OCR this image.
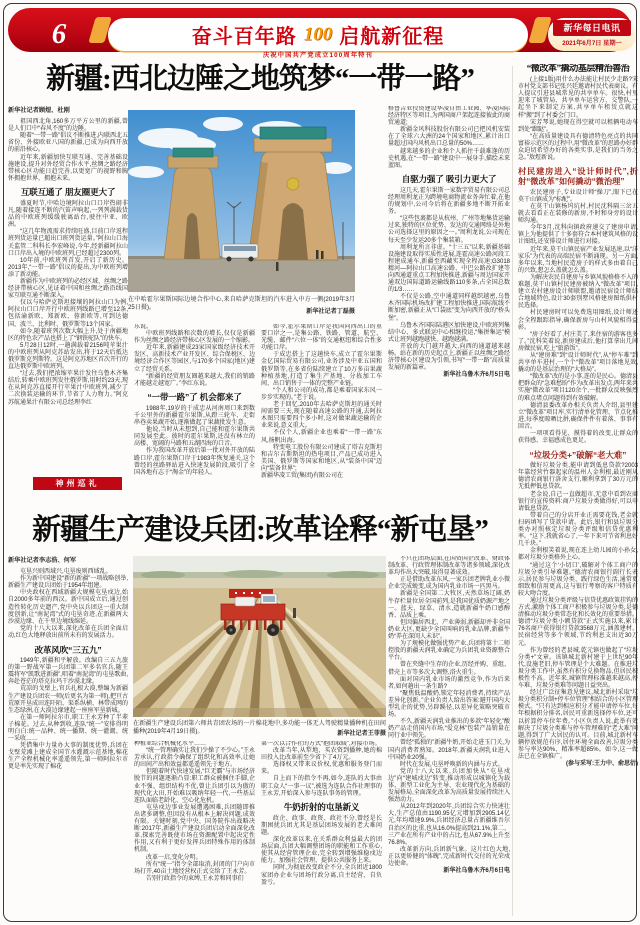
6	奋斗百年路 100 启航新征程
庆祝中国共产党成立100周年特刊
新华每日电讯
2021年6月7日 星期一
新疆:西北边陲之地筑梦“一带一路”
新华社记者顾煜、杜刚
祖国西北角,160多万平方公里的新疆,曾是人们口中“春风不度”的边陲。
随着“一带一路”倡议不断推进,内联西北五省份、外接欧亚八国的新疆,已成为向西开放的前沿核心。
近年来,新疆加快互联互通、完善基础设施建设,提升对外经贸合作水平,丝绸之路经济带核心区功能日趋完善,以更宽广的视野和胸怀拥抱世界、拥抱未来。
互联互通了 朋友圈更大了
盛夏时节,中哈边境阿拉山口口岸热闹非凡,随着接连不断的汽笛声响起,一列列满载货品的中欧班列缓缓驶离站台,驶往中亚、欧洲。
“这几年物流需求持续旺盛,目前口岸返程班列货运量已超出口班列货运量。”阿拉山口海关监管二科科长李宏峰说,今年,经新疆阿拉山口口岸出入境的中欧班列,已经超过2300列。
10年前,中欧班列首发,开启了新历史。2013年,“一带一路”倡议的提出,为中欧班列增添了新动能。
新疆作为中欧班列的必经区域、丝绸之路经济带核心区,见证着中国和丝绸之路沿线国家互联互通不断深入。
仅以与哈萨克斯坦接壤的阿拉山口为例,阿拉山口口岸开行中欧班列线路已增至12条,包括渝新欧、郑新欧、蓉新欧等,可到达德国、波兰、比利时、俄罗斯等13个国家。
如今,随着班列次数大幅上升,处于南疆地区的特色农产品也搭上了“钢铁驼队”的快车。
5月28日12时,一趟满载着2156吨苹果汁的中欧班列从阿克苏站发出,将于12天后抵达俄罗斯克列斯特。这是阿克苏地区首次开行的直达俄罗斯中欧班列。
“过去,我们把浓缩苹果汁发往乌鲁木齐集结后,转乘中欧班列发往俄罗斯,用时约23天,现在从阿克苏直接开行苹果汁中欧班列,减少了二次换装运输的环节,节省了人力物力。”阿克苏航通果汁有限公司总经理李红
东说。
中欧班列线路和次数的增长,仅仅是新疆作为丝绸之路经济带核心区发展的一个缩影。
近年来,新疆建成23家国家级经济技术开发区、高新技术产业开发区、综合保税区、边境经济合作区等园区,与170多个国家(地区)建立了经贸关系。
“新疆的经贸朋友圈越来越大,我们的销路才能越走越宽广。”李红东说。
“一带一路”了 机会都来了
1988年,19岁的于成忠从河南周口来到数千公里外的新疆霍尔果斯,从蹬三轮车、走街串巷卖果蔬开始,逐渐做起了果蔬批发生意。
他说,当时从未想到,自己能和霍尔果斯共同发展至此。彼时的霍尔果斯,还没有林立的高楼、宽阔的马路和五湖四海的口音。
作为我国改革开放后第一批对外开放的陆路口岸,霍尔果斯口岸于1983年恢复通关,这个曾经的丝路驿站进入快速发展阶段,吸引了全国各地有志于“淘金”的年轻人。
如今,霍尔果斯口岸是我国向西出口的重要口岸之一,是集公路、铁路、管道、航空、光缆、邮件“六位一体”的交通枢纽和综合性多功能口岸。
于成忠搭上了这趟快车,成立了霍尔果斯金亿国际贸易有限公司,业务涉及中亚五国和俄罗斯等,在多省份陆续建立了10万多亩果蔬种植基地,打造了集生产基地、分拣加工车间、出口销售于一体的完整产业链。
“个人和公司的成功,都是乘着国家东风一步步实现的。”老于说。
老于回忆,2010年去哈萨克斯坦的通关时间需要三天,现在随着高速公路的开通,去阿拉木图只需要四个多小时,这对做果蔬运输的企业来说,意义重大。
不仅个人,新疆企业也乘着“一带一路”东风,扬帆出海。
特变电工股份有限公司建成了塔吉克斯坦和吉尔吉斯斯坦的热电项目,产品已成功进入美国、俄罗斯等国家和地区,从“装备中国”迈向“装备世界”;
新疆华凌工贸(集团)有限公司在
格鲁吉亚投资建设华凌自由工业园、华凌国际经济特区等项目,为两国商户架起连接彼此的商贸通道;
新疆金风科技股份有限公司已把风机安装在了全球六大洲的24个国家和地区,累计出口量超过国内风机出口总量的50%……
越来越多的企业和个人抓住千载难逢的历史机遇,在“一带一路”建设中一展身手,描绘未来蓝图。
自驱力强了 吸引力更大了
这几天,霍尔果斯一家数字贸易有限公司总经理周利龙正为跨境电商物流业务奔忙着,在他的规划中,公司今后将在新疆多地不断开拓业务。
“这些包裹都是从杭州、广州等地集货运输过来,独特的区位优势、发达的交通网络是外地公司选择这里的原因之一。”周利龙说,公司现在每天至少发运20多个集装箱。
周利龙所言非虚。“十三五”以来,新疆基础设施建设取得实质性进展,连霍高速公路河段工程建成通车,新疆至西藏实现全程高速;G3018精河—阿拉山口高速公路、中巴公路改扩建等向西通道重点工程加快推进,新疆与周边国家开通双边国际道路运输线路110多条,占全国总数的1/3……
不仅是公路,空中通道同样越织越密,乌鲁木齐国际机场改扩建工程加快推进,国际航线不断加密,新疆正从“口袋底”变为向西开放的“桥头堡”。
乌鲁木齐国际陆港区加快建设,中欧班列集结中心、多式联运中心相继投运,“集拼集运”模式让班列越跑越快、越跑越满。
开放的大门越开越大,向西的通道越来越畅。站在新的历史起点上,新疆正以丝绸之路经济带核心区建设为引领,书写“一带一路”高质量发展的新篇章。
新华社乌鲁木齐6月5日电
在中哈霍尔果斯国际边境合作中心,来自哈萨克斯坦的汽车进入中方一侧(2019年3月25日摄)。
新华社记者丁磊摄
神州巡礼
新疆生产建设兵团:改革诠释“新屯垦”
新华社记者李志浩、何军
屯垦兴则西域兴,屯垦废则西域乱。
作为新中国建设“新的新疆”一项战略创举,新疆生产建设兵团始于1954年组建。
中央政权在西域新疆大规模屯垦戍边,始自2000多年前的西汉。新中国成立后,通过创造性转化历史遗产,党中央以兵团这一重大制度创新,让“南泥湾”式的屯垦奇迹,在新疆两大沙漠边缘、在千里边境线绵延。
党的十八大以来,深化改革在兵团全面启动,红色大地释放出前所未有的发展活力。
改革风吹“三五九”
1949年,新疆和平解放。改编自三五九旅的第一野战军第一兵团第二军多名官兵,随王震将军“凯歌进新疆”,唱着“南泥湾”的屯垦歌曲,奔赴苍茫的塔克拉玛干沙漠北缘。
荒凉的戈壁上,官兵扎根大漠,整编为新疆生产建设兵团农一师(后更名为第一师),把亘古荒原开垦成田连阡陌、渠系纵横、林带成网的生态绿洲,在大漠边缘建起一座座军垦新城。
在第一师阿拉尔市,职工王永芳种了半辈子棉花。过去,从种到收,连队“统一”安排得明明白白:统一品种、统一播期、统一灌溉、统一采收……
凭借集中力量办大事的制度优势,兵团在戈壁荒滩上建成全国节水灌溉示范基地,棉花生产全程机械化率遥遥领先,第一师阿拉尔市更是率先实现了棉花
种植业综合机械化水平……
“统一管理确实让我们少操了不少心。”王永芳承认,行政指令确保了组织化和高效率,让她的田间产出和效益都遥遥领先于地方。
但随着时代快速发展,“巨无霸”与市场经济脱节的问题逐渐凸显:职工群众被捆住手脚,企业不强、组织结构不优,曾让兵团引以为傲的现代化大田,开始难以吸纳年轻一代,一些基层连队面临老龄化、空心化危机。
屯垦戍边事业发展遭遇困难,兵团随即推出诸多调整,但因没有从根本上解决问题,成效有限。关键时刻,党中央、国务院作出战略决断:2017年,新疆生产建设兵团启动全面深化改革,探索完善既使市场在资源配置中起决定性作用,又有利于更好发挥兵团特殊作用的体制机制。
改革一启,变化分明。
所有“统一”指令全部取消,封闭的门户向市场打开,40亩土地经营权正式交给了王永芳。
告别行政指令的束缚,王永芳和同事们
第一次以合作社的方式“抱团取暖”,对接市场。
改革当年,从犁地、买农资到播种,她的棉田投入比改革前至少省下了4万元。
选择权又带来议价权,优惠和服务登门而来。
自上而下的指令不再,如今,连队的大事由职工众人“一事一议”,被选为连队合作社理事的王永芳,开始深入参与连队事务的管理。
牛奶折射的屯垦新义
政企、政事、政资、政社不分,曾经是长期困扰兵团尤其是基层团场发展的老大难问题。
深化改革以来,在关系群众利益最大的团场层面,兵团大幅调整团场的职能和工作重心,使其从经营管理企业,完全转到增强维稳戍边能力、加强社会管理、提供公共服务上来。
同时,为彻底改变政企不分,全兵团近1800家团办企业与团场行政分离,自主经营、自负盈亏。
不只在团场层面,在国资国企改革、财政体制改革、行政管理体制改革等诸多领域,深化改革均作出大突破,取得显著成效。
正是借助改革东风,一家兵团老牌乳业小微企业完成蜕变,成为国内乳业市场一匹黑马。
新疆是全国第二大牧区,天然草场辽阔,奶牛存栏量位居全国前列,是我国优质奶源产地之一。蓝天、绿草、清水,造就新疆牛奶口感醇香、品质上乘。
但因偏居西北、产业薄弱,新疆却并非全国奶业大区,更缺少全国叫响的乳业品牌,新疆牛奶“养在深闺人未识”。
为了规模化做强优势产业,兵团将第十二师控股的新疆天润乳业确定为兵团乳业资源整合平台。
曾在夹缝中生存的企业,历经并购、重组、借壳上市等多次大调整,浴火重生。
面对国内乳业市场的激烈竞争,作为后来者,如何趟出一条生路?
“聚焦低温酸奶,锁定年轻消费者,持续产品差异化创新。”企业负责人给出答案:避开国内大型乳企的优势,另辟蹊径,以差异化策略突破市场。
不久,新疆天润乳业推出的多款“年轻化”酸奶产品走俏国内市场,“爱克林”包装产品销量在同行业中领先。
曾经“孤独的”新疆牛奶,开始走进玉门关,为国内消费者熟知。2018年,新疆天润乳业进入中国奶业20强。
时代在发展,屯垦呼唤新的内涵与方式。
党的十八大以来,兵团加快从“屯垦戍边”向“建城戍边”转变,推动形成以城镇化为载体、新型工业化为主导、农业现代化为基础的发展格局,全面深化改革为高质量发展持续注入强劲动力。
从2012年到2020年,兵团综合实力快速壮大,生产总值由1190.95亿元增加到2905.14亿元,年均增速9.9%,兵团经济总量占新疆维吾尔自治区的比重,也从16.0%提高到21.1%,第二、三产业在所有产业中的占比,也从67.9%上升至76.8%。
改革新方向,兵团新气象。这片红色大地,正以更矫健的“体魄”,完成新时代交付的光荣戍边使命。
新华社乌鲁木齐6月6日电
在新疆生产建设兵团第六师共青团农场的一片棉花地中,多功能一体无人驾驶精量播种机在田间播种(2019年4月19日摄)。	新华社记者王菲摄
“微改革”撬动基层精治善治
(上接1版)用什么办法能让村民少走路?宋市村党支部书记张兴廷邀请村民代表商议。有人提议引进县城常见的共享单车。很快,村里迎来了城管局、共享单车运营方、交警队,一起坐下来制定方案,共享单车租赁点就这样“搬”到了村委会门口。
宋芳琴说,她现在得空就可以租辆电动车到处“蹓跶”。
“在高质量建设具有德清特色亮点的共同富裕示范区的过程中,用“微改革”的思路办好群众迫切希望办好的各类实事,是我们的当务之急。”敖煜新说。
村民建房进入“设计师时代”,折射“微改革”如何撬动“微治理”
农民建房子,专业设计师“操刀”,眼下已在莫干山镇成为“标配”。
在莫干山镇杨坞坑村,村民沈科隔三岔五就去看看正在装修的新房,不时和身旁的设计师沟通。
今年3月,沈科向镇政府递交了建房申请,镇上为他提供了十多套符合本村建筑风格的设计图纸,还安排设计师进行对接。
近年来,莫干山镇民宿产业发展迅速,以“洋家乐”为代表的高端民宿不断涌现。另一方面,多年以来,当地村民造房子的样式多由着自己的兴致,想怎么盖就怎么盖。
为解决农民自建房与乡镇风貌格格不入的难题,莫干山镇村民建房被纳入“微改革”项目,建立农村建房设计师联盟,邀请民宿设计师结合地域特色,设计30套别墅风格建房图纸供村民选择。
村民建房时可以免费选用图纸,设计师还会全程跟踪指导,确保新房与山村风貌相得益彰。
“房子好看了,村庄美了,来住宿的游客也多了。”沈科笑着说,新房建成后,他打算拿出几间房做民宿,吃上“旅游饭”。
从“建房难”到“设计师时代”,从“停车难”到共享单车进村,一个个“微改革”项目落地见效,撬动的是基层治理的“大格局”。
“微改革”改的是小事,连的是民心。德清县把群众的“急难愁盼”作为改革出发点,两年来共实施“微改革”项目120余个,一批群众反映强烈的难点堵点问题得到有效破解。
德清县委改革办相关负责人介绍,县里建立“微改革”项目库,实行清单化管理、节点化推进,每季度晾晒比拼,确保件件有着落、事事有回音。
一项项看得见、摸得着的改变,让群众的获得感、幸福感成色更足。
“垃圾分类+”破解“老大难”
做好垃圾分类,能申请到低息贷款?2003年靠经营竹器起家的温州人金利根,最近刚从德清农商银行洛舍支行,顺利拿到了30万元的无抵押低息贷款。
老金说,自己一直做超市,无意中看到农商银行的宣传资料:商户垃圾分类做得好,可以申请低息贷款。
带着自己的分店开业正需要花钱,老金就扫码填写了贷款申请。此后,银行和县垃圾分类办对照核定垃圾分类评级和信贷优惠利率。“这下,我就省心了,一年下来可节省利息好几千块。”
金利根笑着说,现在连上幼儿园的小孙女,都对垃圾分类格外上心。
“通过这个‘小切口’,破解对个体工商户的垃圾分类引导难题。”德清农商银行副行长表示,居民参与垃圾分类、践行绿色生活,通常更细致和信用更高,这与银行考察的客户特质有较大吻合度。
通过垃圾分类评级与信贷优惠政策挂钩的方式,激励个体工商户积极参与垃圾分类,是德清推动垃圾分类常态化和长效化的重要举措。德清“垃圾分类小额贷款”正式实施以来,累计76名商户获得银行贷款3568万元,涵盖建材、民宿经营等多个领域,节约利息支出近30万元。
作为曾经的老县城,乾元镇也做起了“垃圾分类+”文章。该镇城北新村建于上世纪90年代,设施老旧,停车管理是个大难题。在推进垃圾分类工作中,虽然有积分兑换物品,但居民积极性不高。近年来,城镇管理标准越来越高,停车难、垃圾分类难等问题日益突出。
经过广泛征集意见建议,城北新村采取“垃圾分类积分制+停车位管理”相结合的小区管理模式。“只有达到相应积分才能申请停车位,每年根据积分排名,居民可重新选择停车位,还可以折算停车位年费。”小区负责人说,此举有效解决了垃圾分类难与停车管理难的“老大难”问题,得到了广大居民的认可。目前,城北新村车辆停放规范有序,居住环境全面改善,垃圾分类参与率达90%、精准率超85%。如今,这一做法已在全镇推广。
(参与采写:王力中、俞思衍)
